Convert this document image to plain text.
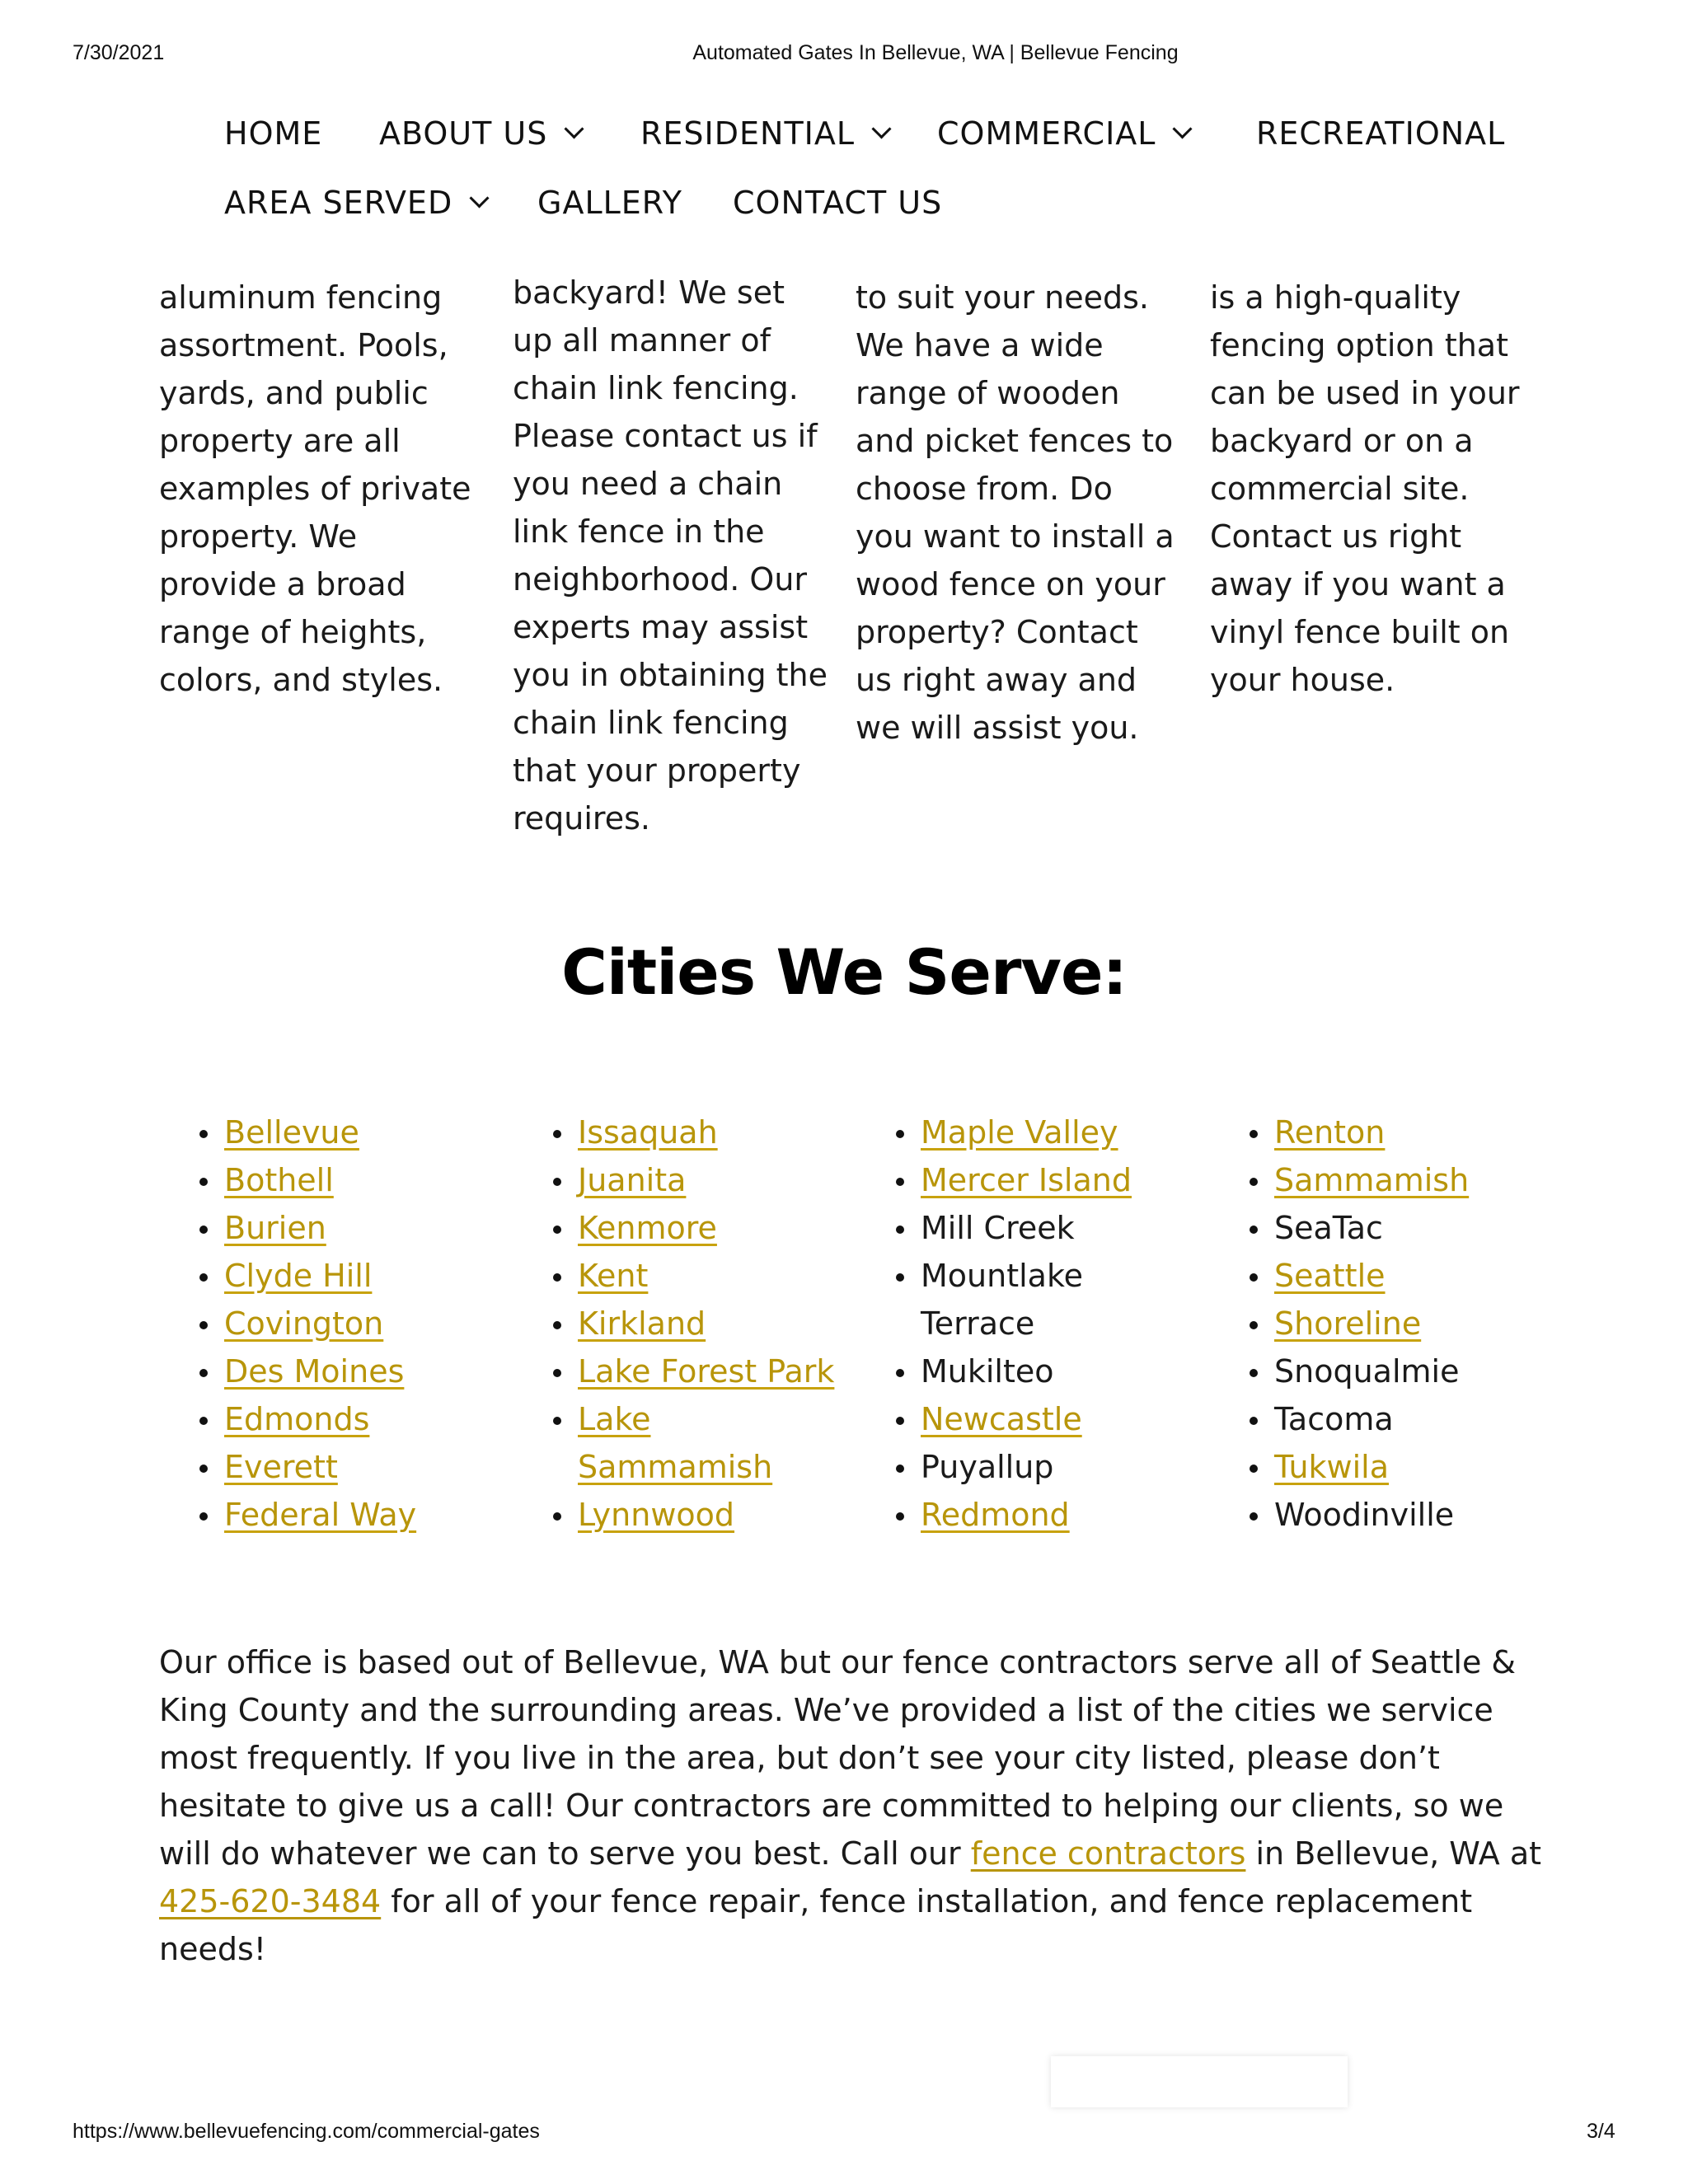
7/30/2021	Automated Gates In Bellevue, WA | Bellevue Fencing
HOME ABOUT US	RESIDENTIAL	COMMERCIAL	RECREATIONAL
AREA SERVED	GALLERY CONTACT US

aluminum fencing

assortment. Pools,

yards, and public

property are all

examples of private

property. We

provide a broad

range of heights,

colors, and styles.

backyard! We set

up all manner of

chain link fencing.

Please contact us if

you need a chain

link fence in the

neighborhood. Our

experts may assist

you in obtaining the

chain link fencing

that your property

requires.

to suit your needs.

We have a wide

range of wooden

and picket fences to

choose from. Do

you want to install a

wood fence on your

property? Contact

us right away and

we will assist you.

is a high-quality

fencing option that

can be used in your

backyard or on a

commercial site.

Contact us right

away if you want a

vinyl fence built on

your house.

Cities We Serve:
Bellevue
Bothell
Burien
Clyde Hill
Covington
Des Moines
Edmonds
Everett
Federal Way
Issaquah
Juanita
Kenmore
Kent
Kirkland
Lake Forest Park
Lake Sammamish
Lynnwood
Maple Valley
Mercer Island
Mill Creek
Mountlake Terrace
Mukilteo
Newcastle
Puyallup
Redmond
Renton
Sammamish
SeaTac
Seattle
Shoreline
Snoqualmie
Tacoma
Tukwila
Woodinville

Our office is based out of Bellevue, WA but our fence contractors serve all of Seattle & King County and the surrounding areas. We’ve provided a list of the cities we service most frequently. If you live in the area, but don’t see your city listed, please don’t hesitate to give us a call! Our contractors are committed to helping our clients, so we will do whatever we can to serve you best. Call our fence contractors in Bellevue, WA at 425-620-3484 for all of your fence repair, fence installation, and fence replacement needs!

https://www.bellevuefencing.com/commercial-gates	3/4
